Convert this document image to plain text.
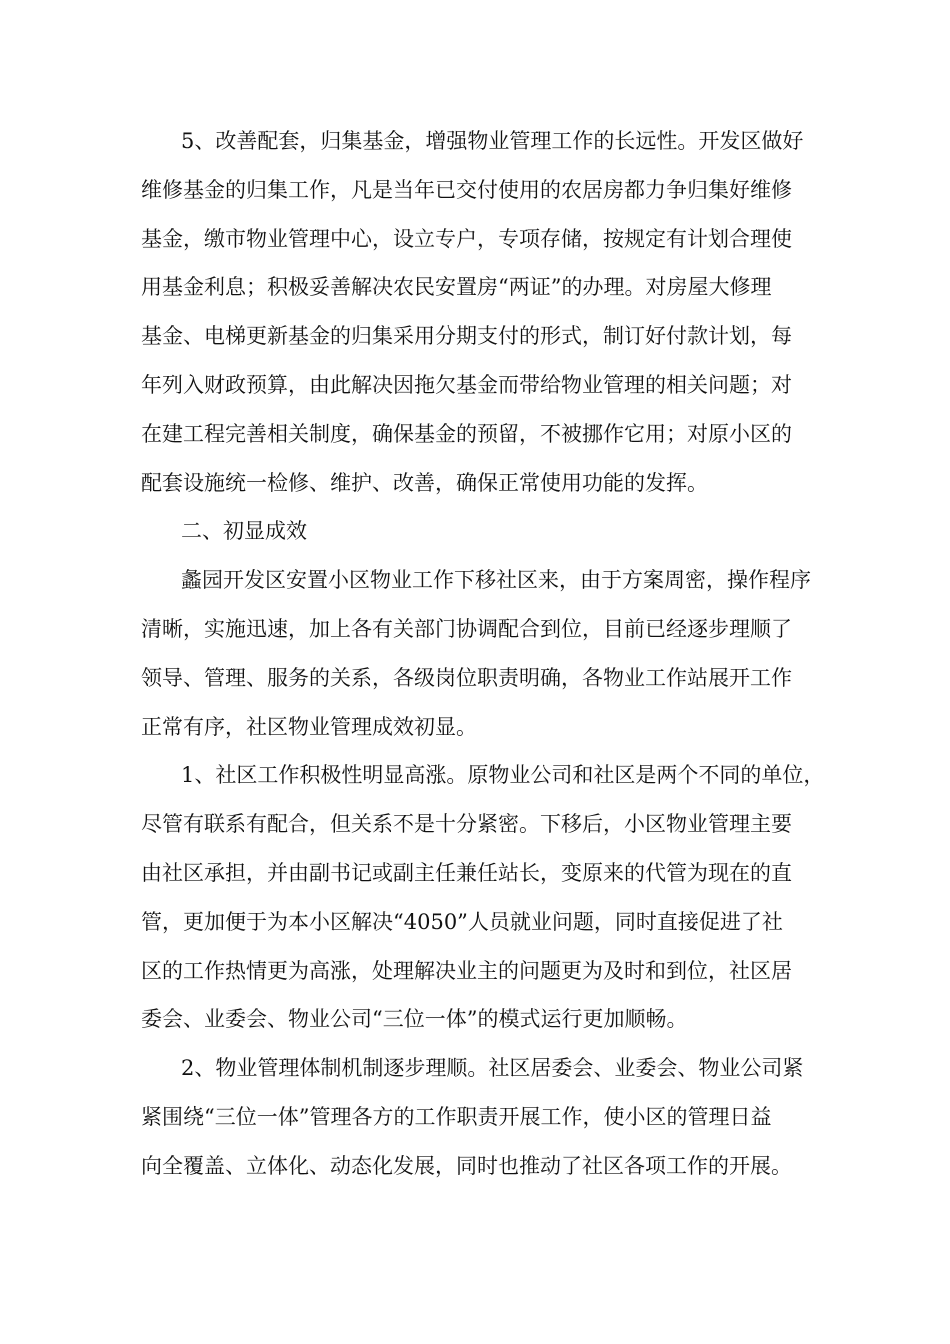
5、改善配套，归集基金，增强物业管理工作的长远性。开发区做好
维修基金的归集工作，凡是当年已交付使用的农居房都力争归集好维修
基金，缴市物业管理中心，设立专户，专项存储，按规定有计划合理使
用基金利息；积极妥善解决农民安置房“两证”的办理。对房屋大修理
基金、电梯更新基金的归集采用分期支付的形式，制订好付款计划，每
年列入财政预算，由此解决因拖欠基金而带给物业管理的相关问题；对
在建工程完善相关制度，确保基金的预留，不被挪作它用；对原小区的
配套设施统一检修、维护、改善，确保正常使用功能的发挥。
二、初显成效
蠡园开发区安置小区物业工作下移社区来，由于方案周密，操作程序
清晰，实施迅速，加上各有关部门协调配合到位，目前已经逐步理顺了
领导、管理、服务的关系，各级岗位职责明确，各物业工作站展开工作
正常有序，社区物业管理成效初显。
1、社区工作积极性明显高涨。原物业公司和社区是两个不同的单位，
尽管有联系有配合，但关系不是十分紧密。下移后，小区物业管理主要
由社区承担，并由副书记或副主任兼任站长，变原来的代管为现在的直
管，更加便于为本小区解决“4050”人员就业问题，同时直接促进了社
区的工作热情更为高涨，处理解决业主的问题更为及时和到位，社区居
委会、业委会、物业公司“三位一体”的模式运行更加顺畅。
2、物业管理体制机制逐步理顺。社区居委会、业委会、物业公司紧
紧围绕“三位一体”管理各方的工作职责开展工作，使小区的管理日益
向全覆盖、立体化、动态化发展，同时也推动了社区各项工作的开展。
